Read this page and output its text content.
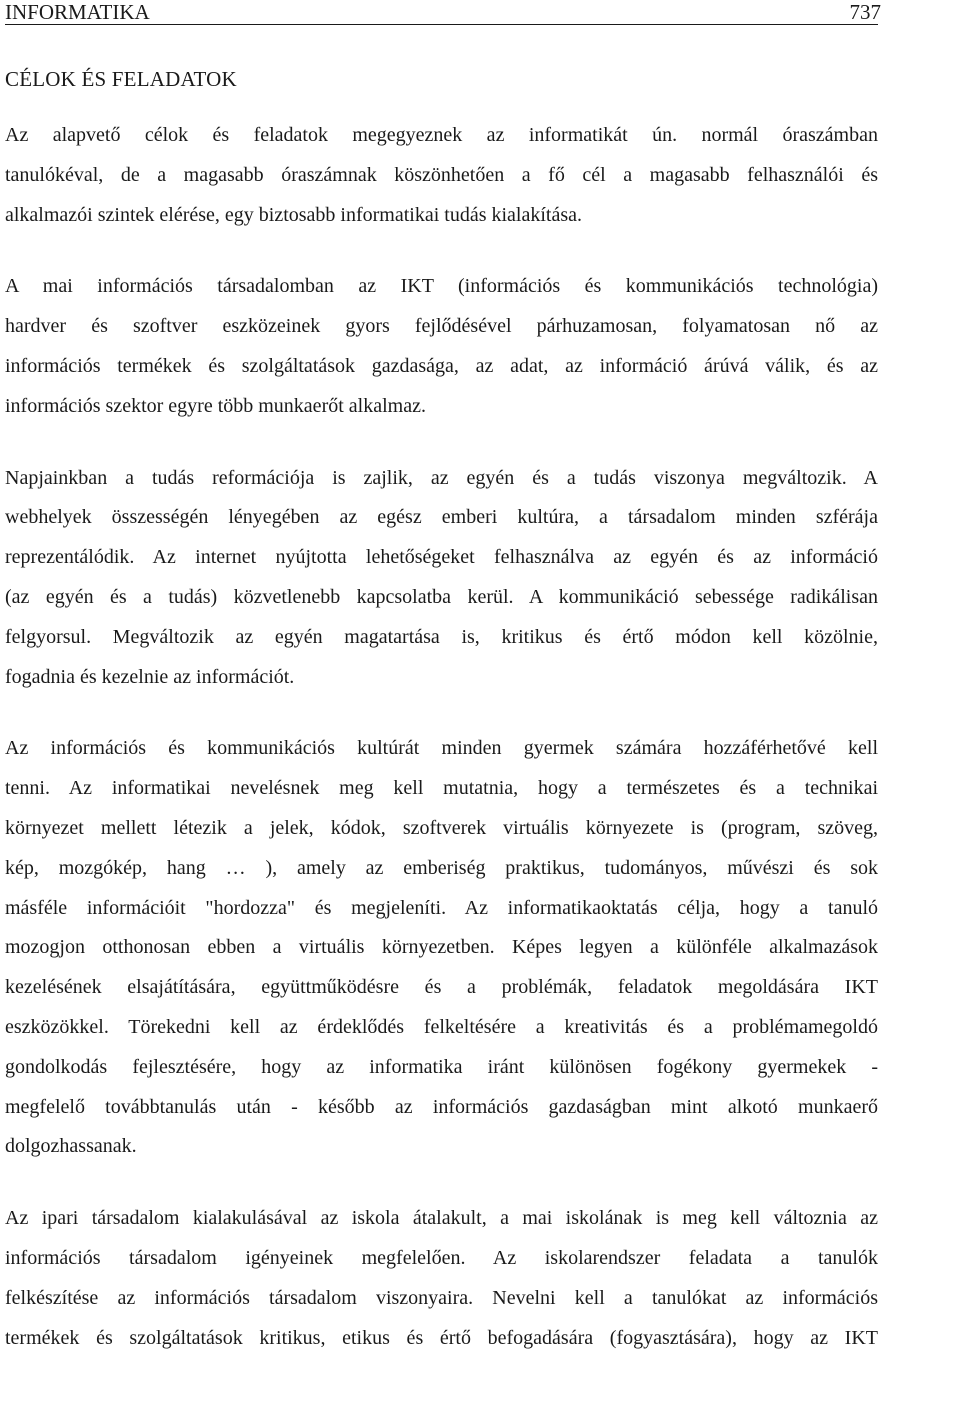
INFORMATIKA	737
CÉLOK ÉS FELADATOK
Az alapvető célok és feladatok megegyeznek az informatikát ún. normál óraszámban
tanulókéval, de a magasabb óraszámnak köszönhetően a fő cél a magasabb felhasználói és
alkalmazói szintek elérése, egy biztosabb informatikai tudás kialakítása.
A mai információs társadalomban az IKT (információs és kommunikációs technológia)
hardver és szoftver eszközeinek gyors fejlődésével párhuzamosan, folyamatosan nő az
információs termékek és szolgáltatások gazdasága, az adat, az információ árúvá válik, és az
információs szektor egyre több munkaerőt alkalmaz.
Napjainkban a tudás reformációja is zajlik, az egyén és a tudás viszonya megváltozik. A
webhelyek összességén lényegében az egész emberi kultúra, a társadalom minden szférája
reprezentálódik. Az internet nyújtotta lehetőségeket felhasználva az egyén és az információ
(az egyén és a tudás) közvetlenebb kapcsolatba kerül. A kommunikáció sebessége radikálisan
felgyorsul. Megváltozik az egyén magatartása is, kritikus és értő módon kell közölnie,
fogadnia és kezelnie az információt.
Az információs és kommunikációs kultúrát minden gyermek számára hozzáférhetővé kell
tenni. Az informatikai nevelésnek meg kell mutatnia, hogy a természetes és a technikai
környezet mellett létezik a jelek, kódok, szoftverek virtuális környezete is (program, szöveg,
kép, mozgókép, hang … ), amely az emberiség praktikus, tudományos, művészi és sok
másféle információit "hordozza" és megjeleníti. Az informatikaoktatás célja, hogy a tanuló
mozogjon otthonosan ebben a virtuális környezetben. Képes legyen a különféle alkalmazások
kezelésének elsajátítására, együttműködésre és a problémák, feladatok megoldására IKT
eszközökkel. Törekedni kell az érdeklődés felkeltésére a kreativitás és a problémamegoldó
gondolkodás fejlesztésére, hogy az informatika iránt különösen fogékony gyermekek -
megfelelő továbbtanulás után - később az információs gazdaságban mint alkotó munkaerő
dolgozhassanak.
Az ipari társadalom kialakulásával az iskola átalakult, a mai iskolának is meg kell változnia az
információs társadalom igényeinek megfelelően. Az iskolarendszer feladata a tanulók
felkészítése az információs társadalom viszonyaira. Nevelni kell a tanulókat az információs
termékek és szolgáltatások kritikus, etikus és értő befogadására (fogyasztására), hogy az IKT
